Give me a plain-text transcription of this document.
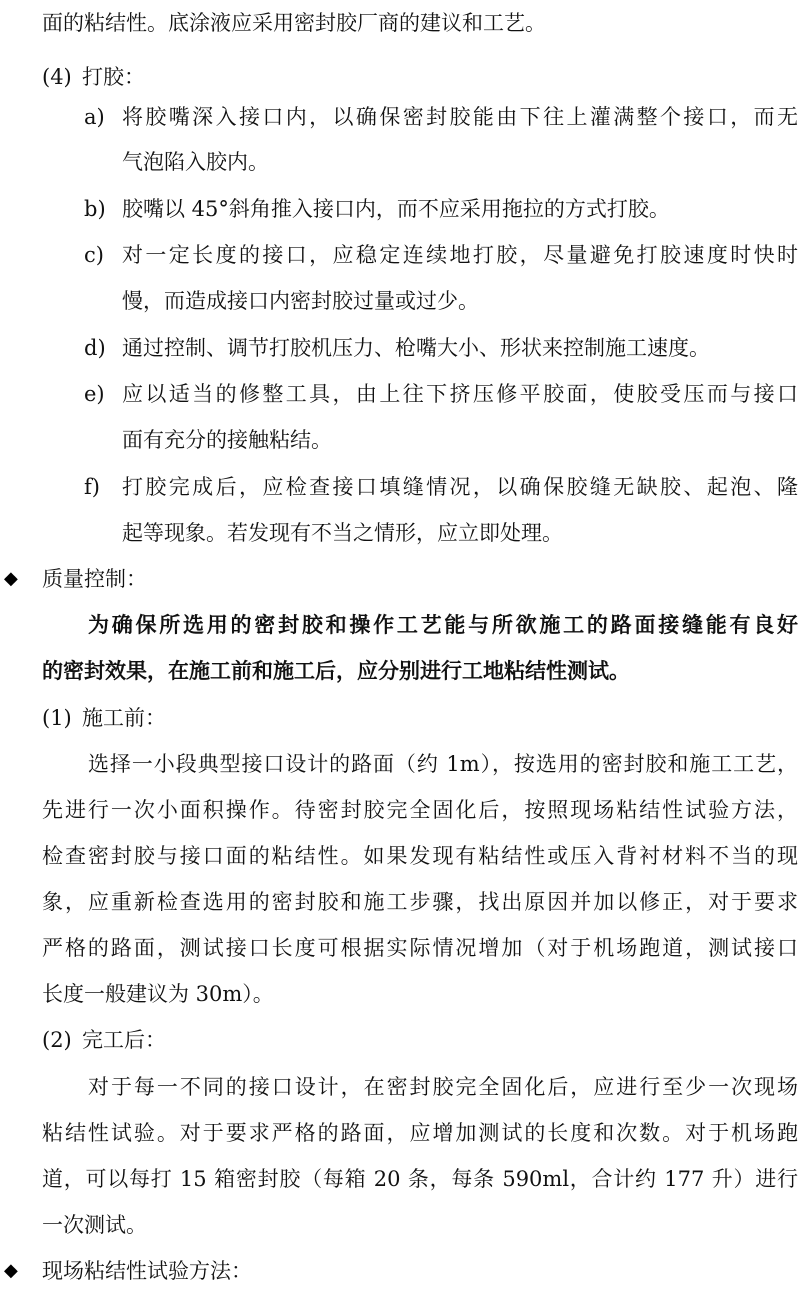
面的粘结性。底涂液应采用密封胶厂商的建议和工艺。
(4) 打胶：
a) 将胶嘴深入接口内，以确保密封胶能由下往上灌满整个接口，而无
气泡陷入胶内。
b) 胶嘴以 45°斜角推入接口内，而不应采用拖拉的方式打胶。
c) 对一定长度的接口，应稳定连续地打胶，尽量避免打胶速度时快时
慢，而造成接口内密封胶过量或过少。
d) 通过控制、调节打胶机压力、枪嘴大小、形状来控制施工速度。
e) 应以适当的修整工具，由上往下挤压修平胶面，使胶受压而与接口
面有充分的接触粘结。
f) 打胶完成后，应检查接口填缝情况，以确保胶缝无缺胶、起泡、隆
起等现象。若发现有不当之情形，应立即处理。
◆ 质量控制：
为确保所选用的密封胶和操作工艺能与所欲施工的路面接缝能有良好
的密封效果，在施工前和施工后，应分别进行工地粘结性测试。
(1) 施工前：
选择一小段典型接口设计的路面（约 1m），按选用的密封胶和施工工艺，
先进行一次小面积操作。待密封胶完全固化后，按照现场粘结性试验方法，
检查密封胶与接口面的粘结性。如果发现有粘结性或压入背衬材料不当的现
象，应重新检查选用的密封胶和施工步骤，找出原因并加以修正，对于要求
严格的路面，测试接口长度可根据实际情况增加（对于机场跑道，测试接口
长度一般建议为 30m）。
(2) 完工后：
对于每一不同的接口设计，在密封胶完全固化后，应进行至少一次现场
粘结性试验。对于要求严格的路面，应增加测试的长度和次数。对于机场跑
道，可以每打 15 箱密封胶（每箱 20 条，每条 590ml，合计约 177 升）进行
一次测试。
◆ 现场粘结性试验方法：
